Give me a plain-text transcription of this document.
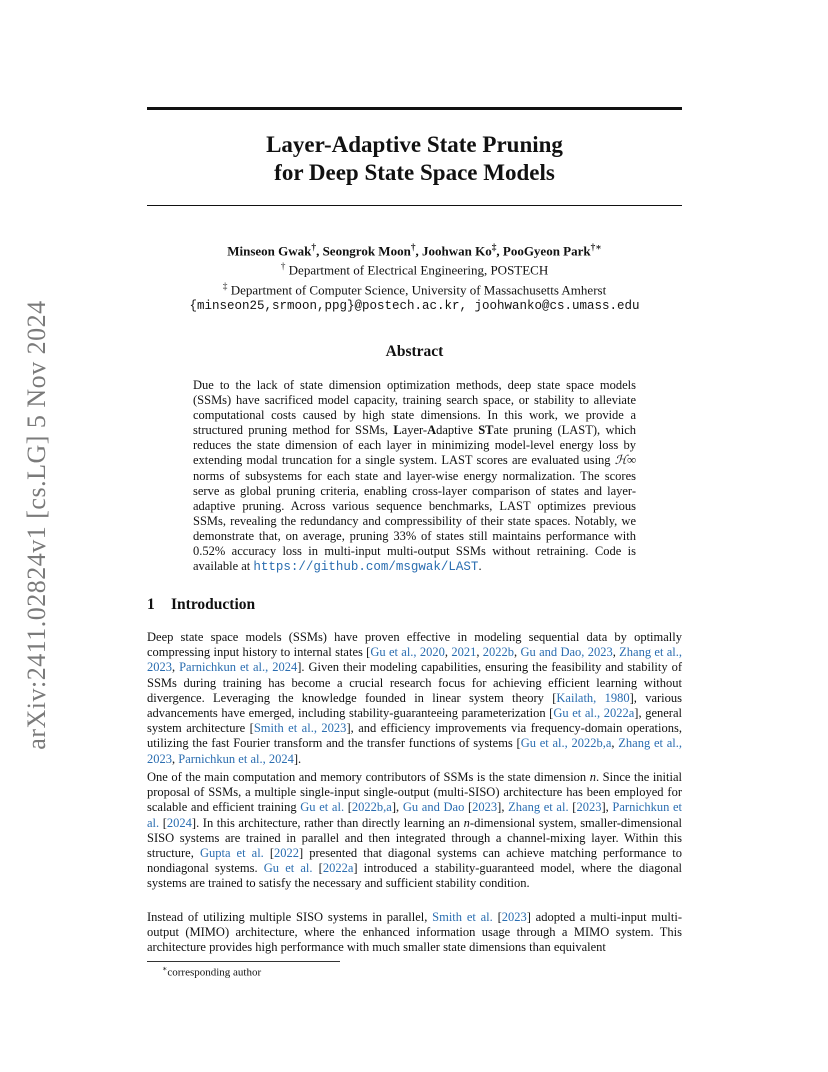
arXiv:2411.02824v1 [cs.LG] 5 Nov 2024
Layer-Adaptive State Pruning
for Deep State Space Models
Minseon Gwak†, Seongrok Moon†, Joohwan Ko‡, PooGyeon Park†∗
† Department of Electrical Engineering, POSTECH
‡ Department of Computer Science, University of Massachusetts Amherst
{minseon25,srmoon,ppg}@postech.ac.kr, joohwanko@cs.umass.edu
Abstract
Due to the lack of state dimension optimization methods, deep state space models (SSMs) have sacrificed model capacity, training search space, or stability to alleviate computational costs caused by high state dimensions. In this work, we provide a structured pruning method for SSMs, Layer-Adaptive STate pruning (LAST), which reduces the state dimension of each layer in minimizing model-level energy loss by extending modal truncation for a single system. LAST scores are evaluated using ℋ∞ norms of subsystems for each state and layer-wise energy normalization. The scores serve as global pruning criteria, enabling cross-layer comparison of states and layer-adaptive pruning. Across various sequence benchmarks, LAST optimizes previous SSMs, revealing the redundancy and compressibility of their state spaces. Notably, we demonstrate that, on average, pruning 33% of states still maintains performance with 0.52% accuracy loss in multi-input multi-output SSMs without retraining. Code is available at https://github.com/msgwak/LAST.
1 Introduction
Deep state space models (SSMs) have proven effective in modeling sequential data by optimally compressing input history to internal states [Gu et al., 2020, 2021, 2022b, Gu and Dao, 2023, Zhang et al., 2023, Parnichkun et al., 2024]. Given their modeling capabilities, ensuring the feasibility and stability of SSMs during training has become a crucial research focus for achieving efficient learning without divergence. Leveraging the knowledge founded in linear system theory [Kailath, 1980], various advancements have emerged, including stability-guaranteeing parameterization [Gu et al., 2022a], general system architecture [Smith et al., 2023], and efficiency improvements via frequency-domain operations, utilizing the fast Fourier transform and the transfer functions of systems [Gu et al., 2022b,a, Zhang et al., 2023, Parnichkun et al., 2024].
One of the main computation and memory contributors of SSMs is the state dimension n. Since the initial proposal of SSMs, a multiple single-input single-output (multi-SISO) architecture has been employed for scalable and efficient training Gu et al. [2022b,a], Gu and Dao [2023], Zhang et al. [2023], Parnichkun et al. [2024]. In this architecture, rather than directly learning an n-dimensional system, smaller-dimensional SISO systems are trained in parallel and then integrated through a channel-mixing layer. Within this structure, Gupta et al. [2022] presented that diagonal systems can achieve matching performance to nondiagonal systems. Gu et al. [2022a] introduced a stability-guaranteed model, where the diagonal systems are trained to satisfy the necessary and sufficient stability condition.
Instead of utilizing multiple SISO systems in parallel, Smith et al. [2023] adopted a multi-input multi-output (MIMO) architecture, where the enhanced information usage through a MIMO system. This architecture provides high performance with much smaller state dimensions than equivalent
∗corresponding author
